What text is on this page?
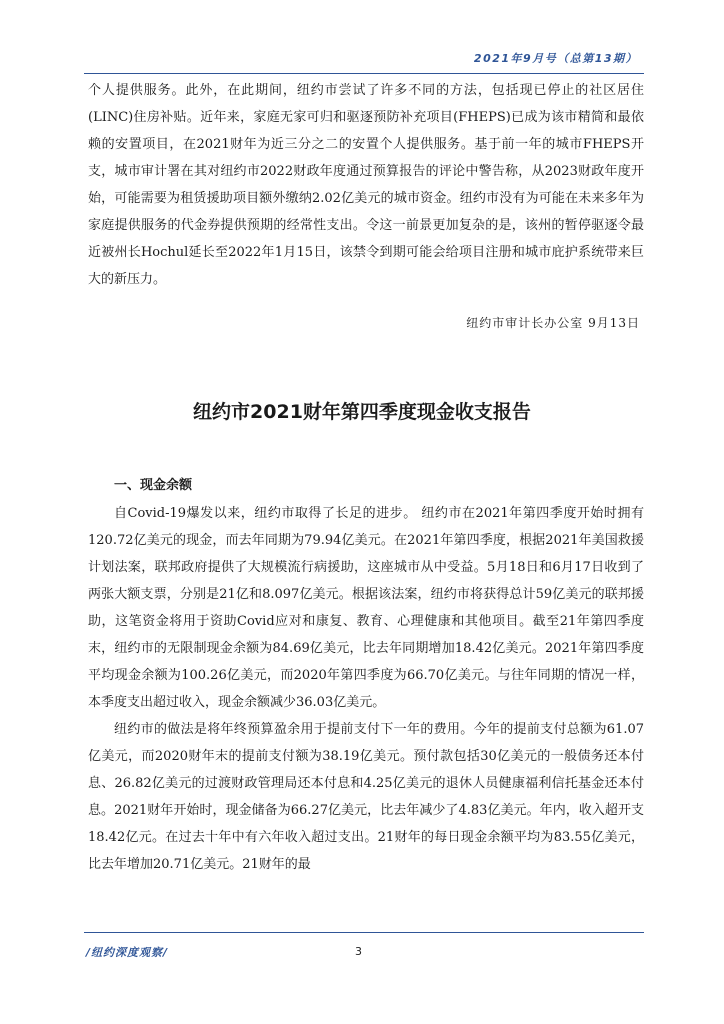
2021年9月号（总第13期）

个人提供服务。此外，在此期间，纽约市尝试了许多不同的方法，包括现已停止的社区居住(LINC)住房补贴。近年来，家庭无家可归和驱逐预防补充项目(FHEPS)已成为该市精简和最依赖的安置项目，在2021财年为近三分之二的安置个人提供服务。基于前一年的城市FHEPS开支，城市审计署在其对纽约市2022财政年度通过预算报告的评论中警告称，从2023财政年度开始，可能需要为租赁援助项目额外缴纳2.02亿美元的城市资金。纽约市没有为可能在未来多年为家庭提供服务的代金券提供预期的经常性支出。令这一前景更加复杂的是，该州的暂停驱逐令最近被州长Hochul延长至2022年1月15日，该禁令到期可能会给项目注册和城市庇护系统带来巨大的新压力。

纽约市审计长办公室 9月13日
纽约市2021财年第四季度现金收支报告
一、现金余额

自Covid-19爆发以来，纽约市取得了长足的进步。 纽约市在2021年第四季度开始时拥有120.72亿美元的现金，而去年同期为79.94亿美元。在2021年第四季度，根据2021年美国救援计划法案，联邦政府提供了大规模流行病援助，这座城市从中受益。5月18日和6月17日收到了两张大额支票，分别是21亿和8.097亿美元。根据该法案，纽约市将获得总计59亿美元的联邦援助，这笔资金将用于资助Covid应对和康复、教育、心理健康和其他项目。截至21年第四季度末，纽约市的无限制现金余额为84.69亿美元，比去年同期增加18.42亿美元。2021年第四季度平均现金余额为100.26亿美元，而2020年第四季度为66.70亿美元。与往年同期的情况一样，本季度支出超过收入，现金余额减少36.03亿美元。

纽约市的做法是将年终预算盈余用于提前支付下一年的费用。今年的提前支付总额为61.07亿美元，而2020财年末的提前支付额为38.19亿美元。预付款包括30亿美元的一般债务还本付息、26.82亿美元的过渡财政管理局还本付息和4.25亿美元的退休人员健康福利信托基金还本付息。2021财年开始时，现金储备为66.27亿美元，比去年减少了4.83亿美元。年内，收入超开支18.42亿元。在过去十年中有六年收入超过支出。21财年的每日现金余额平均为83.55亿美元，比去年增加20.71亿美元。21财年的最

/纽约深度观察/	3
